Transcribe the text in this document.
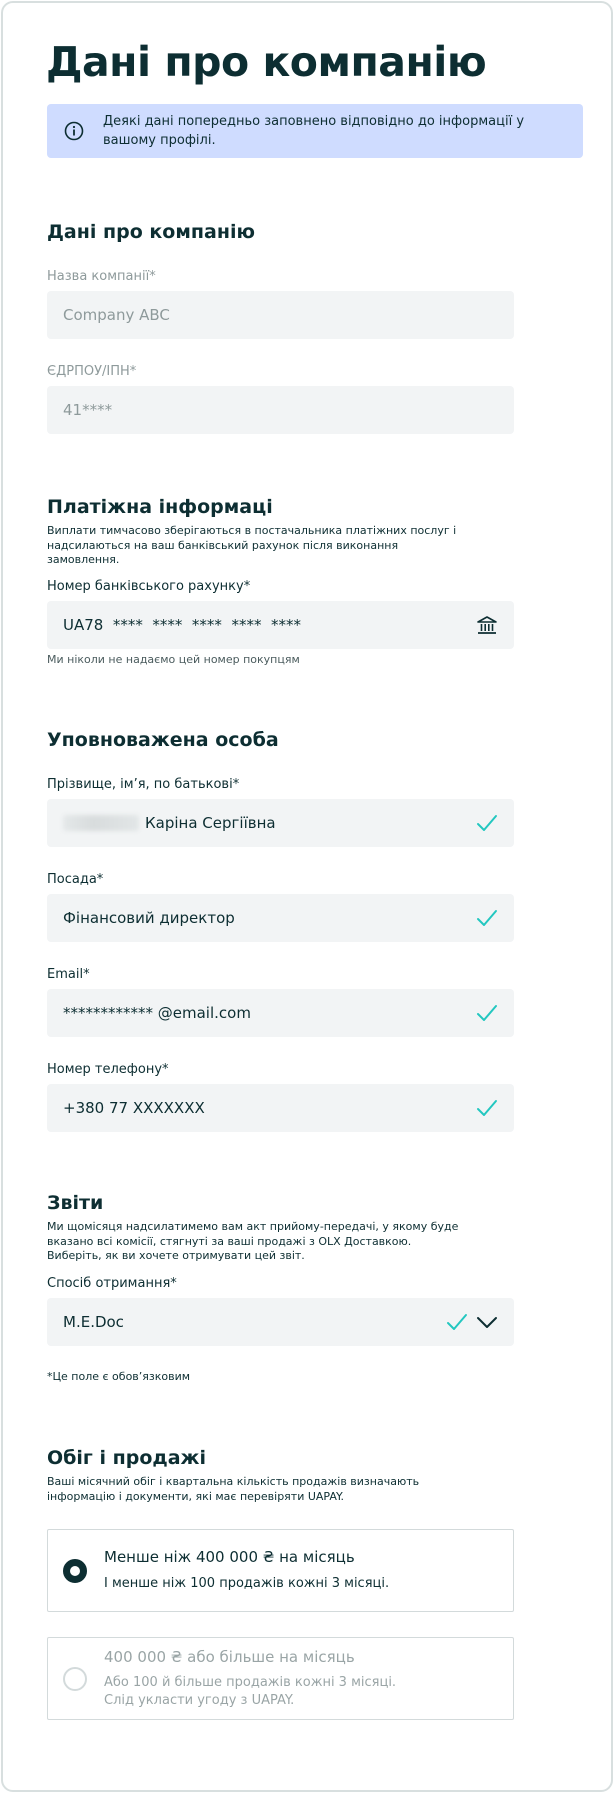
Дані про компанію
Деякі дані попередньо заповнено відповідно до інформації у вашому профілі.
Дані про компанію
Назва компанії*
Company ABC
ЄДРПОУ/ІПН*
41****
Платіжна інформаці

Виплати тимчасово зберігаються в постачальника платіжних послуг і надсилаються на ваш банківський рахунок після виконання замовлення.

Номер банківського рахунку*
UA78  ****  ****  ****  ****  ****
Ми ніколи не надаємо цей номер покупцям
Уповноважена особа
Прізвище, ім’я, по батькові*
Каріна Сергіївна
Посада*
Фінансовий директор
Email*
************ @email.com
Номер телефону*
+380 77 XXXXXXX
Звіти

Ми щомісяця надсилатимемо вам акт прийому-передачі, у якому буде вказано всі комісії, стягнуті за ваші продажі з OLX Доставкою. Виберіть, як ви хочете отримувати цей звіт.

Спосіб отримання*
M.E.Doc
*Це поле є обов’язковим
Обіг і продажі

Ваші місячний обіг і квартальна кількість продажів визначають інформацію і документи, які має перевіряти UAPAY.

Менше ніж 400 000 ₴ на місяць
І менше ніж 100 продажів кожні 3 місяці.
400 000 ₴ або більше на місяць
Або 100 й більше продажів кожні 3 місяці.
Слід укласти угоду з UAPAY.
